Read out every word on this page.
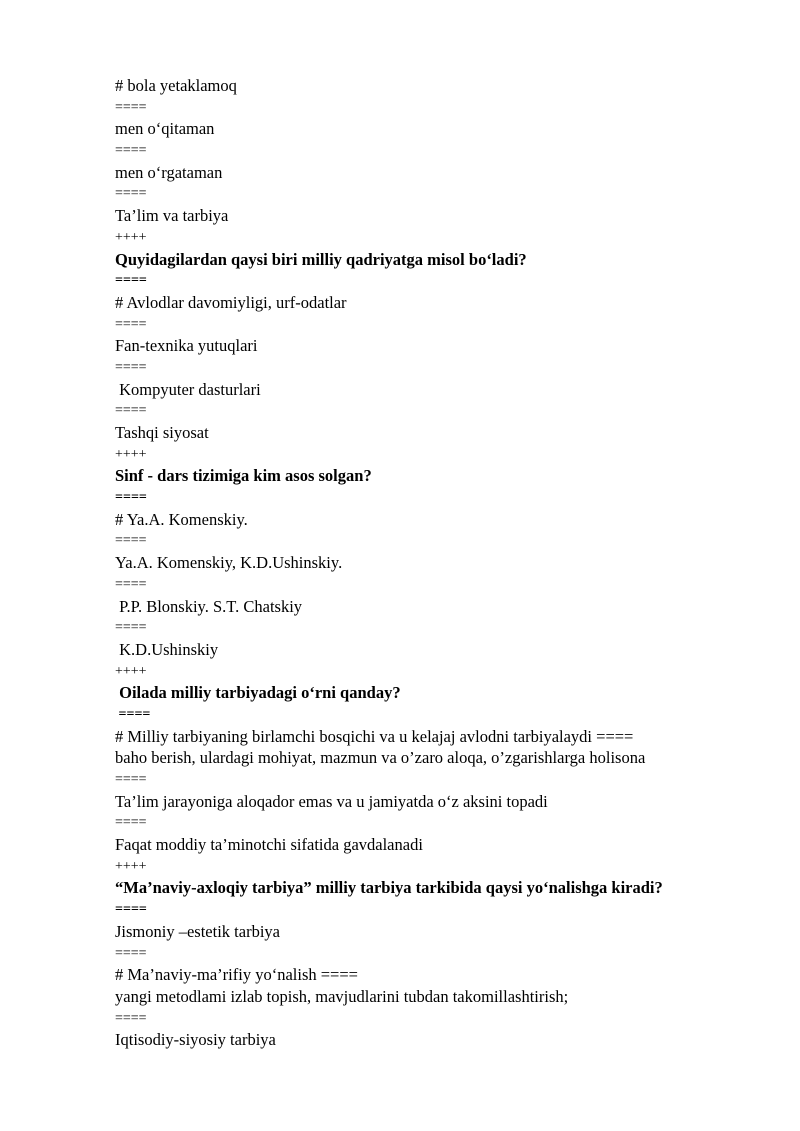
# bola yetaklamoq
====
men o‘qitaman
====
men o‘rgataman
====
Ta’lim va tarbiya
++++
Quyidagilardan qaysi biri milliy qadriyatga misol bo‘ladi?
====
# Avlodlar davomiyligi, urf-odatlar
====
Fan-texnika yutuqlari
====
Kompyuter dasturlari
====
Tashqi siyosat
++++
Sinf - dars tizimiga kim asos solgan?
====
# Ya.A. Komenskiy.
====
Ya.A. Komenskiy, K.D.Ushinskiy.
====
P.P. Blonskiy. S.T. Chatskiy
====
K.D.Ushinskiy
++++
Oilada milliy tarbiyadagi o‘rni qanday?
====
# Milliy tarbiyaning birlamchi bosqichi va u kelajaj avlodni tarbiyalaydi ====
baho berish, ulardagi mohiyat, mazmun va o’zaro aloqa, o’zgarishlarga holisona
====
Ta’lim jarayoniga aloqador emas va u jamiyatda o‘z aksini topadi
====
Faqat moddiy ta’minotchi sifatida gavdalanadi
++++
“Ma’naviy-axloqiy tarbiya” milliy tarbiya tarkibida qaysi yo‘nalishga kiradi?
====
Jismoniy –estetik tarbiya
====
# Ma’naviy-ma’rifiy yo‘nalish ====
yangi metodlami izlab topish, mavjudlarini tubdan takomillashtirish;
====
Iqtisodiy-siyosiy tarbiya
